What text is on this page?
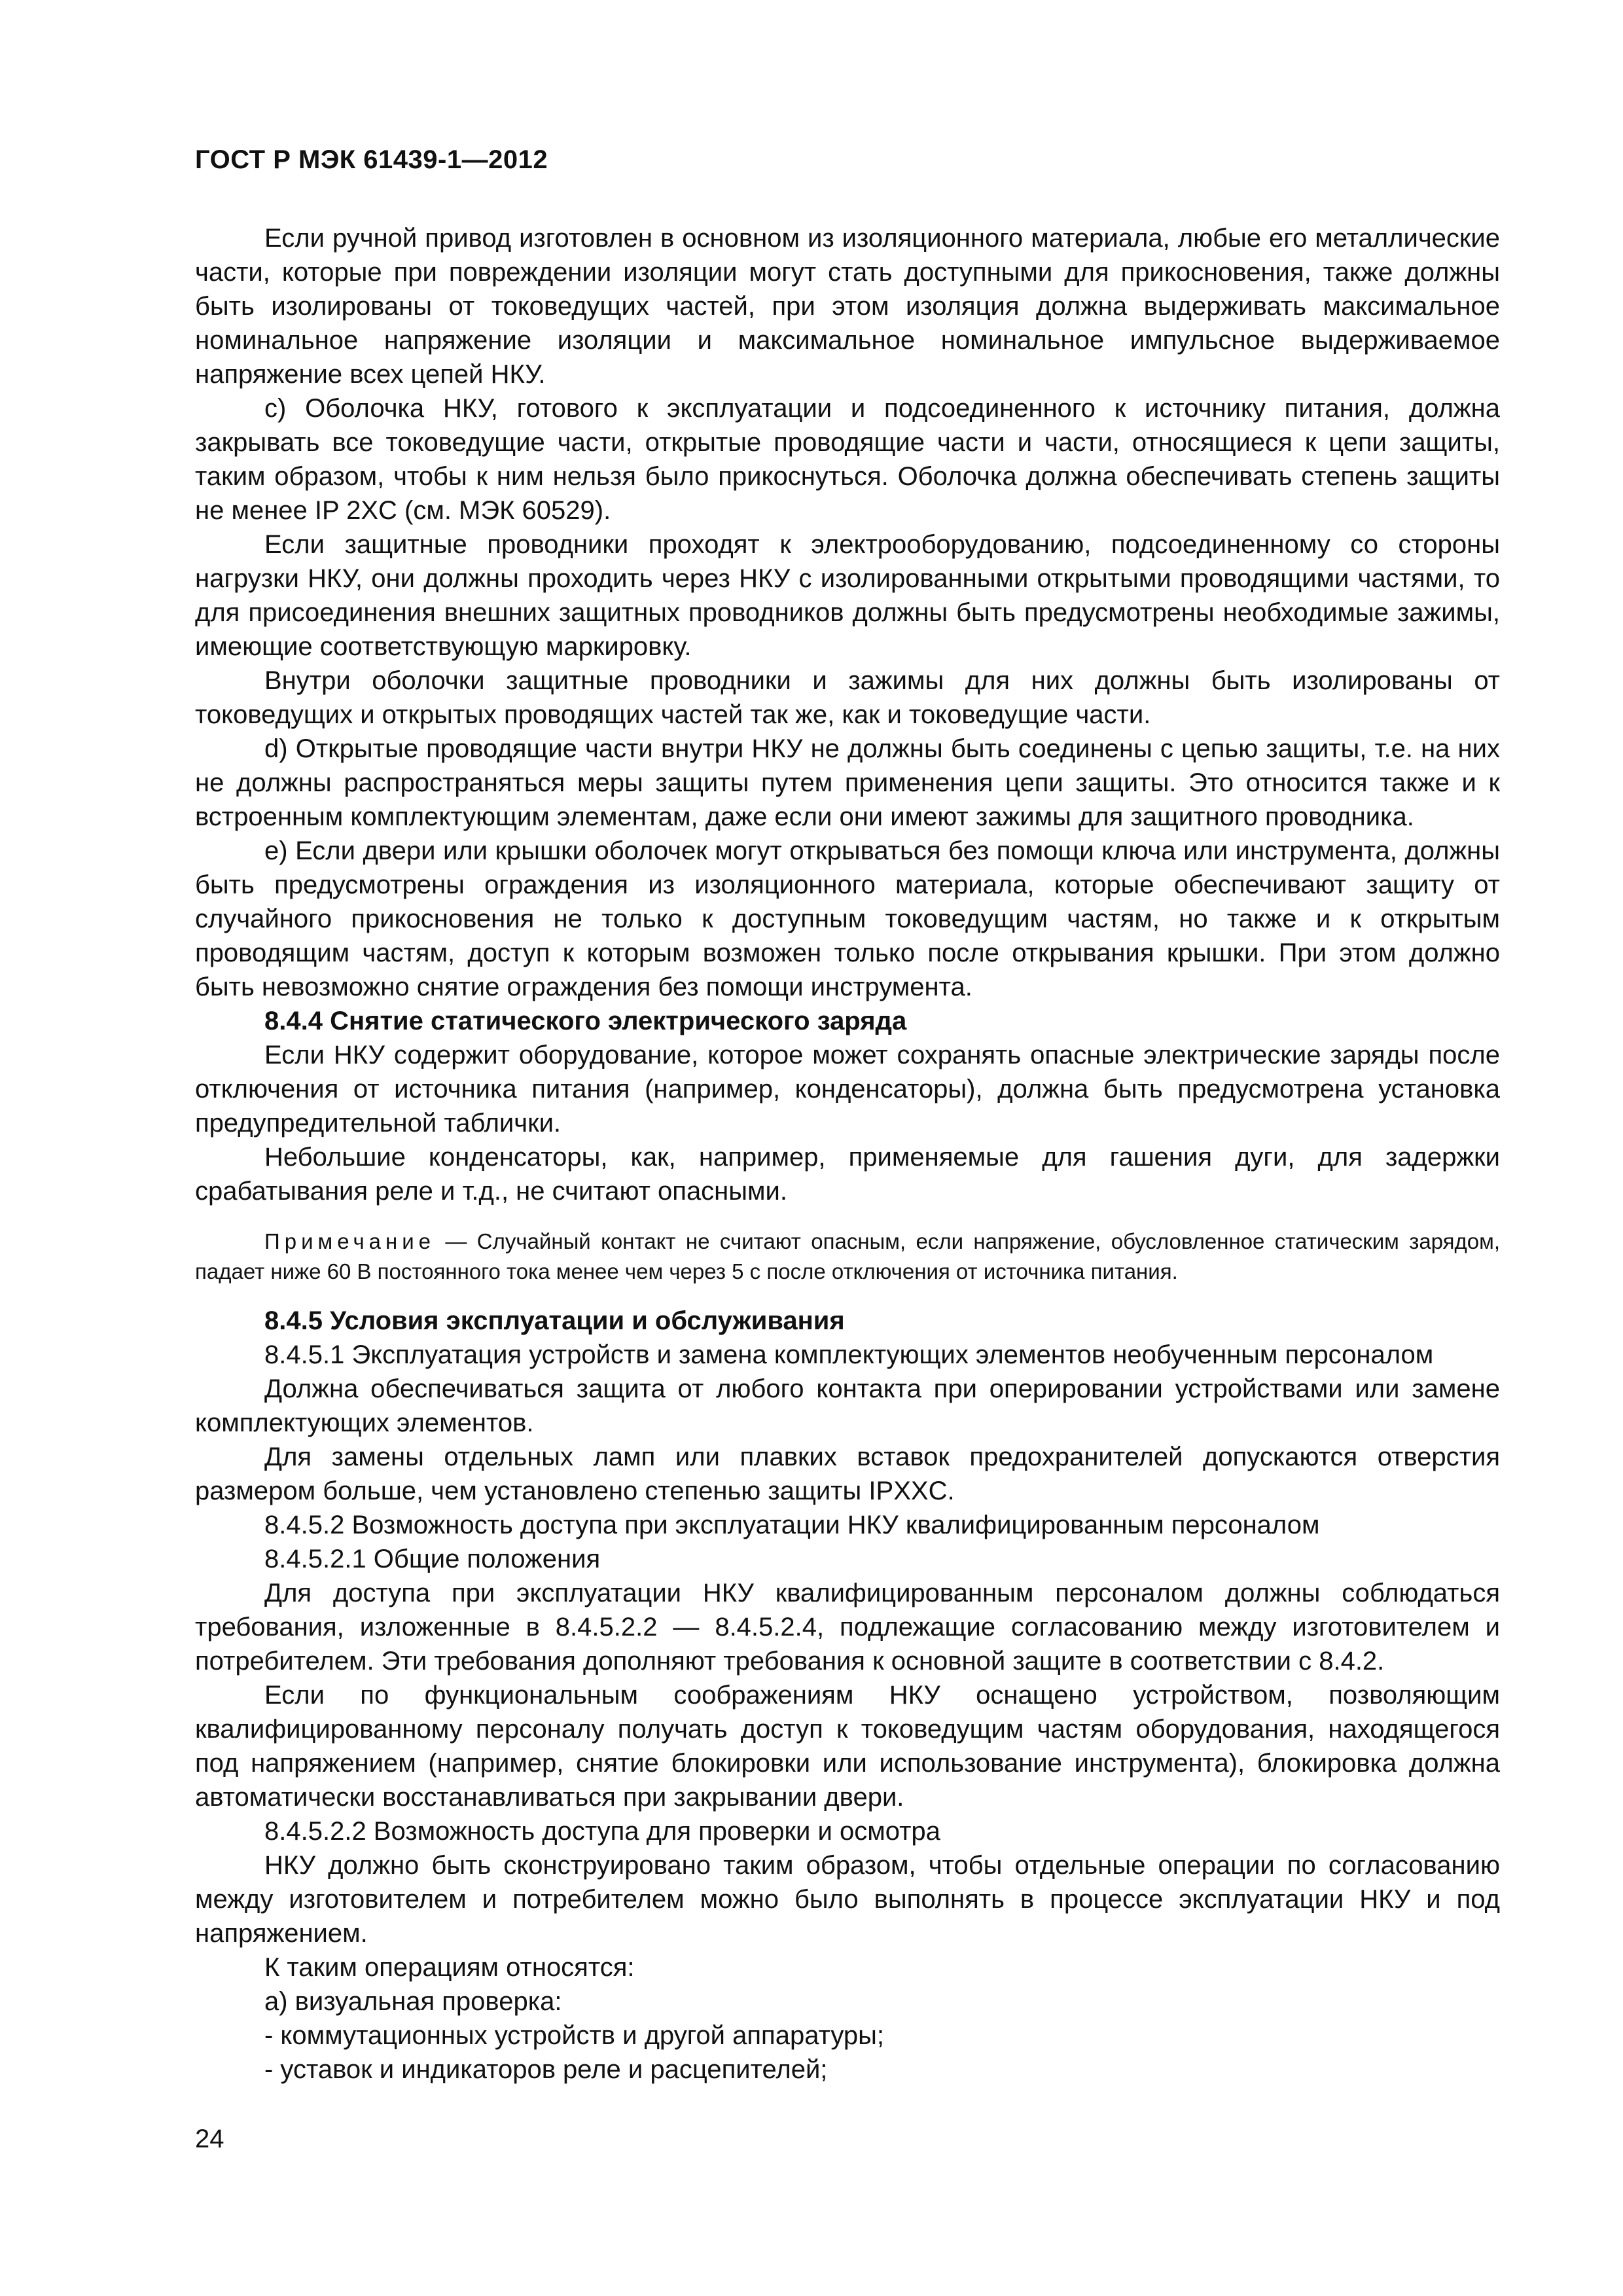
ГОСТ Р МЭК 61439-1—2012

Если ручной привод изготовлен в основном из изоляционного материала, любые его металлические части, которые при повреждении изоляции могут стать доступными для прикосновения, также должны быть изолированы от токоведущих частей, при этом изоляция должна выдерживать максимальное номинальное напряжение изоляции и максимальное номинальное импульсное выдерживаемое напряжение всех цепей НКУ.

с) Оболочка НКУ, готового к эксплуатации и подсоединенного к источнику питания, должна закрывать все токоведущие части, открытые проводящие части и части, относящиеся к цепи защиты, таким образом, чтобы к ним нельзя было прикоснуться. Оболочка должна обеспечивать степень защиты не менее IP 2XC (см. МЭК 60529).

Если защитные проводники проходят к электрооборудованию, подсоединенному со стороны нагрузки НКУ, они должны проходить через НКУ с изолированными открытыми проводящими частями, то для присоединения внешних защитных проводников должны быть предусмотрены необходимые зажимы, имеющие соответствующую маркировку.

Внутри оболочки защитные проводники и зажимы для них должны быть изолированы от токоведущих и открытых проводящих частей так же, как и токоведущие части.

d) Открытые проводящие части внутри НКУ не должны быть соединены с цепью защиты, т.е. на них не должны распространяться меры защиты путем применения цепи защиты. Это относится также и к встроенным комплектующим элементам, даже если они имеют зажимы для защитного проводника.

e) Если двери или крышки оболочек могут открываться без помощи ключа или инструмента, должны быть предусмотрены ограждения из изоляционного материала, которые обеспечивают защиту от случайного прикосновения не только к доступным токоведущим частям, но также и к открытым проводящим частям, доступ к которым возможен только после открывания крышки. При этом должно быть невозможно снятие ограждения без помощи инструмента.

8.4.4 Снятие статического электрического заряда

Если НКУ содержит оборудование, которое может сохранять опасные электрические заряды после отключения от источника питания (например, конденсаторы), должна быть предусмотрена установка предупредительной таблички.

Небольшие конденсаторы, как, например, применяемые для гашения дуги, для задержки срабатывания реле и т.д., не считают опасными.

Примечание — Случайный контакт не считают опасным, если напряжение, обусловленное статическим зарядом, падает ниже 60 В постоянного тока менее чем через 5 с после отключения от источника питания.

8.4.5 Условия эксплуатации и обслуживания

8.4.5.1 Эксплуатация устройств и замена комплектующих элементов необученным персоналом

Должна обеспечиваться защита от любого контакта при оперировании устройствами или замене комплектующих элементов.

Для замены отдельных ламп или плавких вставок предохранителей допускаются отверстия размером больше, чем установлено степенью защиты IPXXC.

8.4.5.2 Возможность доступа при эксплуатации НКУ квалифицированным персоналом

8.4.5.2.1 Общие положения

Для доступа при эксплуатации НКУ квалифицированным персоналом должны соблюдаться требования, изложенные в 8.4.5.2.2 — 8.4.5.2.4, подлежащие согласованию между изготовителем и потребителем. Эти требования дополняют требования к основной защите в соответствии с 8.4.2.

Если по функциональным соображениям НКУ оснащено устройством, позволяющим квалифицированному персоналу получать доступ к токоведущим частям оборудования, находящегося под напряжением (например, снятие блокировки или использование инструмента), блокировка должна автоматически восстанавливаться при закрывании двери.

8.4.5.2.2 Возможность доступа для проверки и осмотра

НКУ должно быть сконструировано таким образом, чтобы отдельные операции по согласованию между изготовителем и потребителем можно было выполнять в процессе эксплуатации НКУ и под напряжением.

К таким операциям относятся:

a) визуальная проверка:

- коммутационных устройств и другой аппаратуры;

- уставок и индикаторов реле и расцепителей;

24
